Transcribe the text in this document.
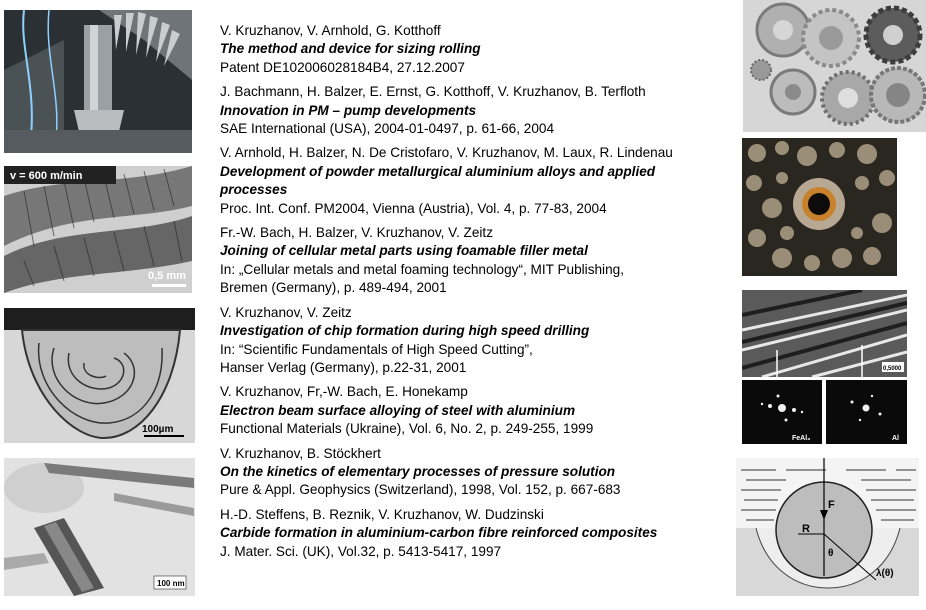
v = 600 m/min
0,5 mm
100µm
100 nm
V. Kruzhanov, V. Arnhold, G. Kotthoff
The method and device for sizing rolling
Patent DE102006028184B4, 27.12.2007
J. Bachmann, H. Balzer, E. Ernst, G. Kotthoff, V. Kruzhanov, B. Terfloth
Innovation in PM – pump developments
SAE International (USA), 2004-01-0497, p. 61-66, 2004
V. Arnhold, H. Balzer, N. De Cristofaro, V. Kruzhanov, M. Laux, R. Lindenau
Development of powder metallurgical aluminium alloys and applied processes
Proc. Int. Conf. PM2004, Vienna (Austria), Vol. 4, p. 77-83, 2004
Fr.-W. Bach, H. Balzer, V. Kruzhanov, V. Zeitz
Joining of cellular metal parts using foamable filler metal
In: „Cellular metals and metal foaming technology“, MIT Publishing, Bremen (Germany), p. 489-494, 2001
V. Kruzhanov, V. Zeitz
Investigation of chip formation during high speed drilling
In: “Scientific Fundamentals of High Speed Cutting”, Hanser Verlag (Germany), p.22-31, 2001
V. Kruzhanov, Fr,-W. Bach, E. Honekamp
Electron beam surface alloying of steel with aluminium
Functional Materials (Ukraine), Vol. 6, No. 2, p. 249-255, 1999
V. Kruzhanov, B. Stöckhert
On the kinetics of elementary processes of pressure solution
Pure & Appl. Geophysics (Switzerland), 1998, Vol. 152, p. 667-683
H.-D. Steffens, B. Reznik, V. Kruzhanov, W. Dudzinski
Carbide formation in aluminium-carbon fibre reinforced composites
J. Mater. Sci. (UK), Vol.32, p. 5413-5417, 1997
0,5000
FeAl₃	Al
F
R
θ
λ(θ)
